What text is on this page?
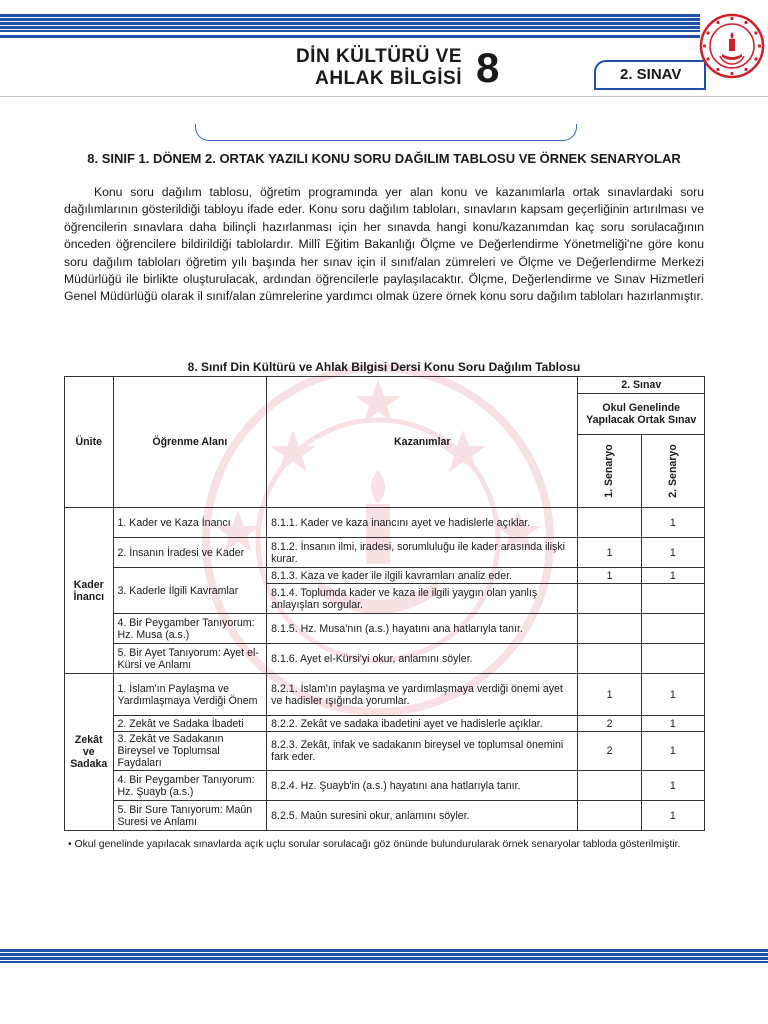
DİN KÜLTÜRÜ VE
AHLAK BİLGİSİ 8	2. SINAV
8. SINIF 1. DÖNEM 2. ORTAK YAZILI KONU SORU DAĞILIM TABLOSU VE ÖRNEK SENARYOLAR

Konu soru dağılım tablosu, öğretim programında yer alan konu ve kazanımlarla ortak sınavlardaki soru dağılımlarının gösterildiği tabloyu ifade eder. Konu soru dağılım tabloları, sınavların kapsam geçerliğinin artırılması ve öğrencilerin sınavlara daha bilinçli hazırlanması için her sınavda hangi konu/kazanımdan kaç soru sorulacağının önceden öğrencilere bildirildiği tablolardır. Millî Eğitim Bakanlığı Ölçme ve Değerlendirme Yönetmeliği'ne göre konu soru dağılım tabloları öğretim yılı başında her sınav için il sınıf/alan zümreleri ve Ölçme ve Değerlendirme Merkezi Müdürlüğü ile birlikte oluşturulacak, ardından öğrencilerle paylaşılacaktır. Ölçme, Değerlendirme ve Sınav Hizmetleri Genel Müdürlüğü olarak il sınıf/alan zümrelerine yardımcı olmak üzere örnek konu soru dağılım tabloları hazırlanmıştır.

8. Sınıf Din Kültürü ve Ahlak Bilgisi Dersi Konu Soru Dağılım Tablosu
Ünite	Öğrenme Alanı	Kazanımlar	2. Sınav	
			Okul Genelinde Yapılacak Ortak Sınav	

			1. Senaryo	2. Senaryo

Kader
İnancı	1. Kader ve Kaza İnancı	8.1.1. Kader ve kaza inancını ayet ve hadislerle açıklar.		1
	2. İnsanın İradesi ve Kader	8.1.2. İnsanın ilmi, iradesi, sorumluluğu ile kader arasında ilişki kurar.	1	1
	3. Kaderle İlgili Kavramlar	8.1.3. Kaza ve kader ile ilgili kavramları analiz eder.	1	1
		8.1.4. Toplumda kader ve kaza ile ilgili yaygın olan yanlış anlayışları sorgular.		
	4. Bir Peygamber Tanıyorum: Hz. Musa (a.s.)	8.1.5. Hz. Musa'nın (a.s.) hayatını ana hatlarıyla tanır.		
	5. Bir Ayet Tanıyorum: Ayet el-Kürsi ve Anlamı	8.1.6. Ayet el-Kürsi'yi okur, anlamını söyler.		

Zekât
ve
Sadaka	1. İslam'ın Paylaşma ve Yardımlaşmaya Verdiği Önem	8.2.1. İslam'ın paylaşma ve yardımlaşmaya verdiği önemi ayet ve hadisler ışığında yorumlar.	1	1
	2. Zekât ve Sadaka İbadeti	8.2.2. Zekât ve sadaka ibadetini ayet ve hadislerle açıklar.	2	1
	3. Zekât ve Sadakanın Bireysel ve Toplumsal Faydaları	8.2.3. Zekât, infak ve sadakanın bireysel ve toplumsal önemini fark eder.	2	1
	4. Bir Peygamber Tanıyorum: Hz. Şuayb (a.s.)	8.2.4. Hz. Şuayb'in (a.s.) hayatını ana hatlarıyla tanır.		1
	5. Bir Sure Tanıyorum: Maûn Suresi ve Anlamı	8.2.5. Maûn suresini okur, anlamını söyler.		1
• Okul genelinde yapılacak sınavlarda açık uçlu sorular sorulacağı göz önünde bulundurularak örnek senaryolar tabloda gösterilmiştir.
